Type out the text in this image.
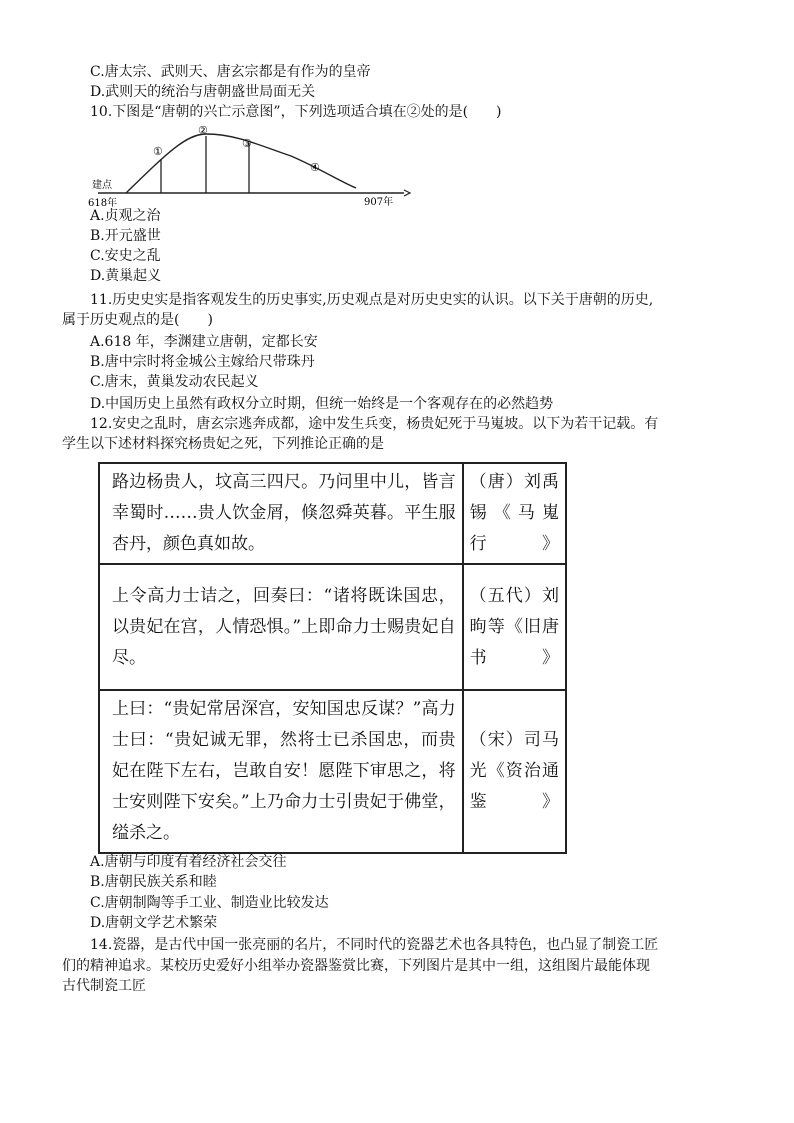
C.唐太宗、武则天、唐玄宗都是有作为的皇帝
D.武则天的统治与唐朝盛世局面无关
10.下图是“唐朝的兴亡示意图”，下列选项适合填在②处的是(　　)
①
②
③
④
建点
618年	907年
A.贞观之治
B.开元盛世
C.安史之乱
D.黄巢起义
11.历史史实是指客观发生的历史事实,历史观点是对历史史实的认识。以下关于唐朝的历史,
属于历史观点的是(　　)
A.618 年，李渊建立唐朝，定都长安
B.唐中宗时将金城公主嫁给尺带珠丹
C.唐末，黄巢发动农民起义
D.中国历史上虽然有政权分立时期，但统一始终是一个客观存在的必然趋势
12.安史之乱时，唐玄宗逃奔成都，途中发生兵变，杨贵妃死于马嵬坡。以下为若干记载。有
学生以下述材料探究杨贵妃之死，下列推论正确的是
路边杨贵人，坟高三四尺。乃问里中儿，皆言幸蜀时……贵人饮金屑，倏忽舜英暮。平生服杏丹，颜色真如故。	（唐）刘禹锡《马嵬行》
上令高力士诘之，回奏曰：“诸将既诛国忠，以贵妃在宫，人情恐惧。”上即命力士赐贵妃自尽。	（五代）刘昫等《旧唐书》
上曰：“贵妃常居深宫，安知国忠反谋？”高力士曰：“贵妃诚无罪，然将士已杀国忠，而贵妃在陛下左右，岂敢自安！愿陛下审思之，将士安则陛下安矣。”上乃命力士引贵妃于佛堂，缢杀之。	（宋）司马光《资治通鉴》
A.唐朝与印度有着经济社会交往
B.唐朝民族关系和睦
C.唐朝制陶等手工业、制造业比较发达
D.唐朝文学艺术繁荣
14.瓷器，是古代中国一张亮丽的名片，不同时代的瓷器艺术也各具特色，也凸显了制瓷工匠
们的精神追求。某校历史爱好小组举办瓷器鉴赏比赛，下列图片是其中一组，这组图片最能体现
古代制瓷工匠
